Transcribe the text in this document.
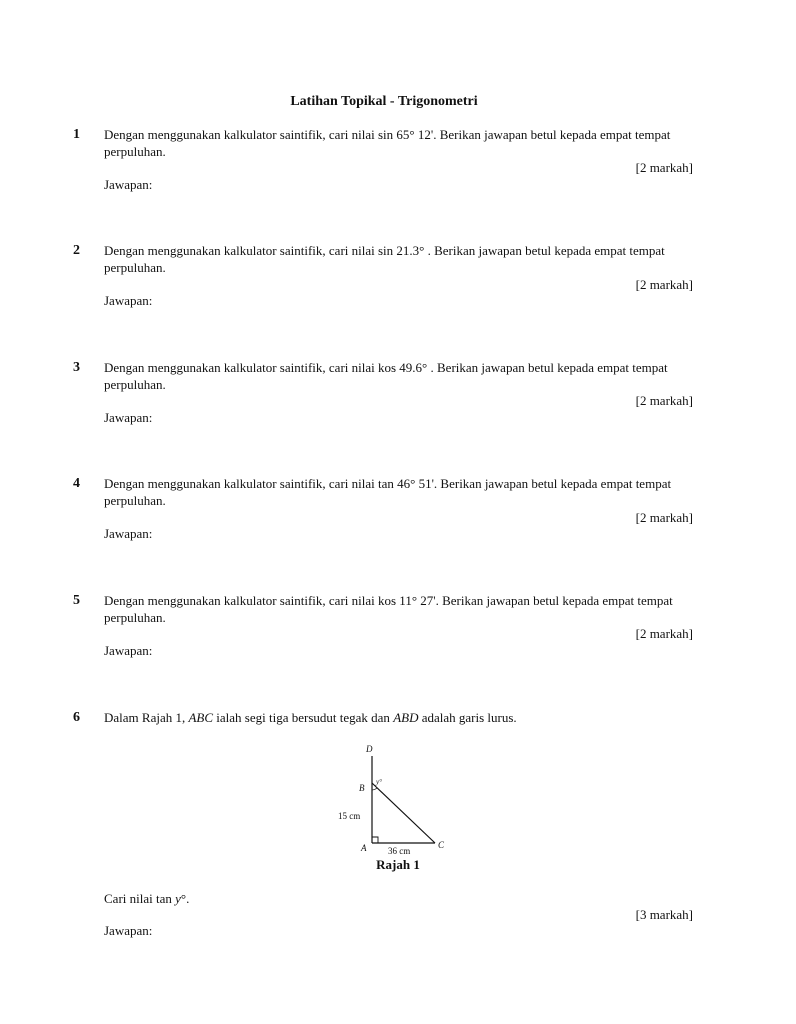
Latihan Topikal - Trigonometri
1 Dengan menggunakan kalkulator saintifik, cari nilai sin 65° 12'. Berikan jawapan betul kepada empat tempat perpuluhan.
[2 markah]
Jawapan:
2 Dengan menggunakan kalkulator saintifik, cari nilai sin 21.3° . Berikan jawapan betul kepada empat tempat perpuluhan.
[2 markah]
Jawapan:
3 Dengan menggunakan kalkulator saintifik, cari nilai kos 49.6° . Berikan jawapan betul kepada empat tempat perpuluhan.
[2 markah]
Jawapan:
4 Dengan menggunakan kalkulator saintifik, cari nilai tan 46° 51'. Berikan jawapan betul kepada empat tempat perpuluhan.
[2 markah]
Jawapan:
5 Dengan menggunakan kalkulator saintifik, cari nilai kos 11° 27'. Berikan jawapan betul kepada empat tempat perpuluhan.
[2 markah]
Jawapan:
6 Dalam Rajah 1, ABC ialah segi tiga bersudut tegak dan ABD adalah garis lurus.
D
B
A	C
y°
15 cm
36 cm
Rajah 1
Cari nilai tan y°.
[3 markah]
Jawapan:
